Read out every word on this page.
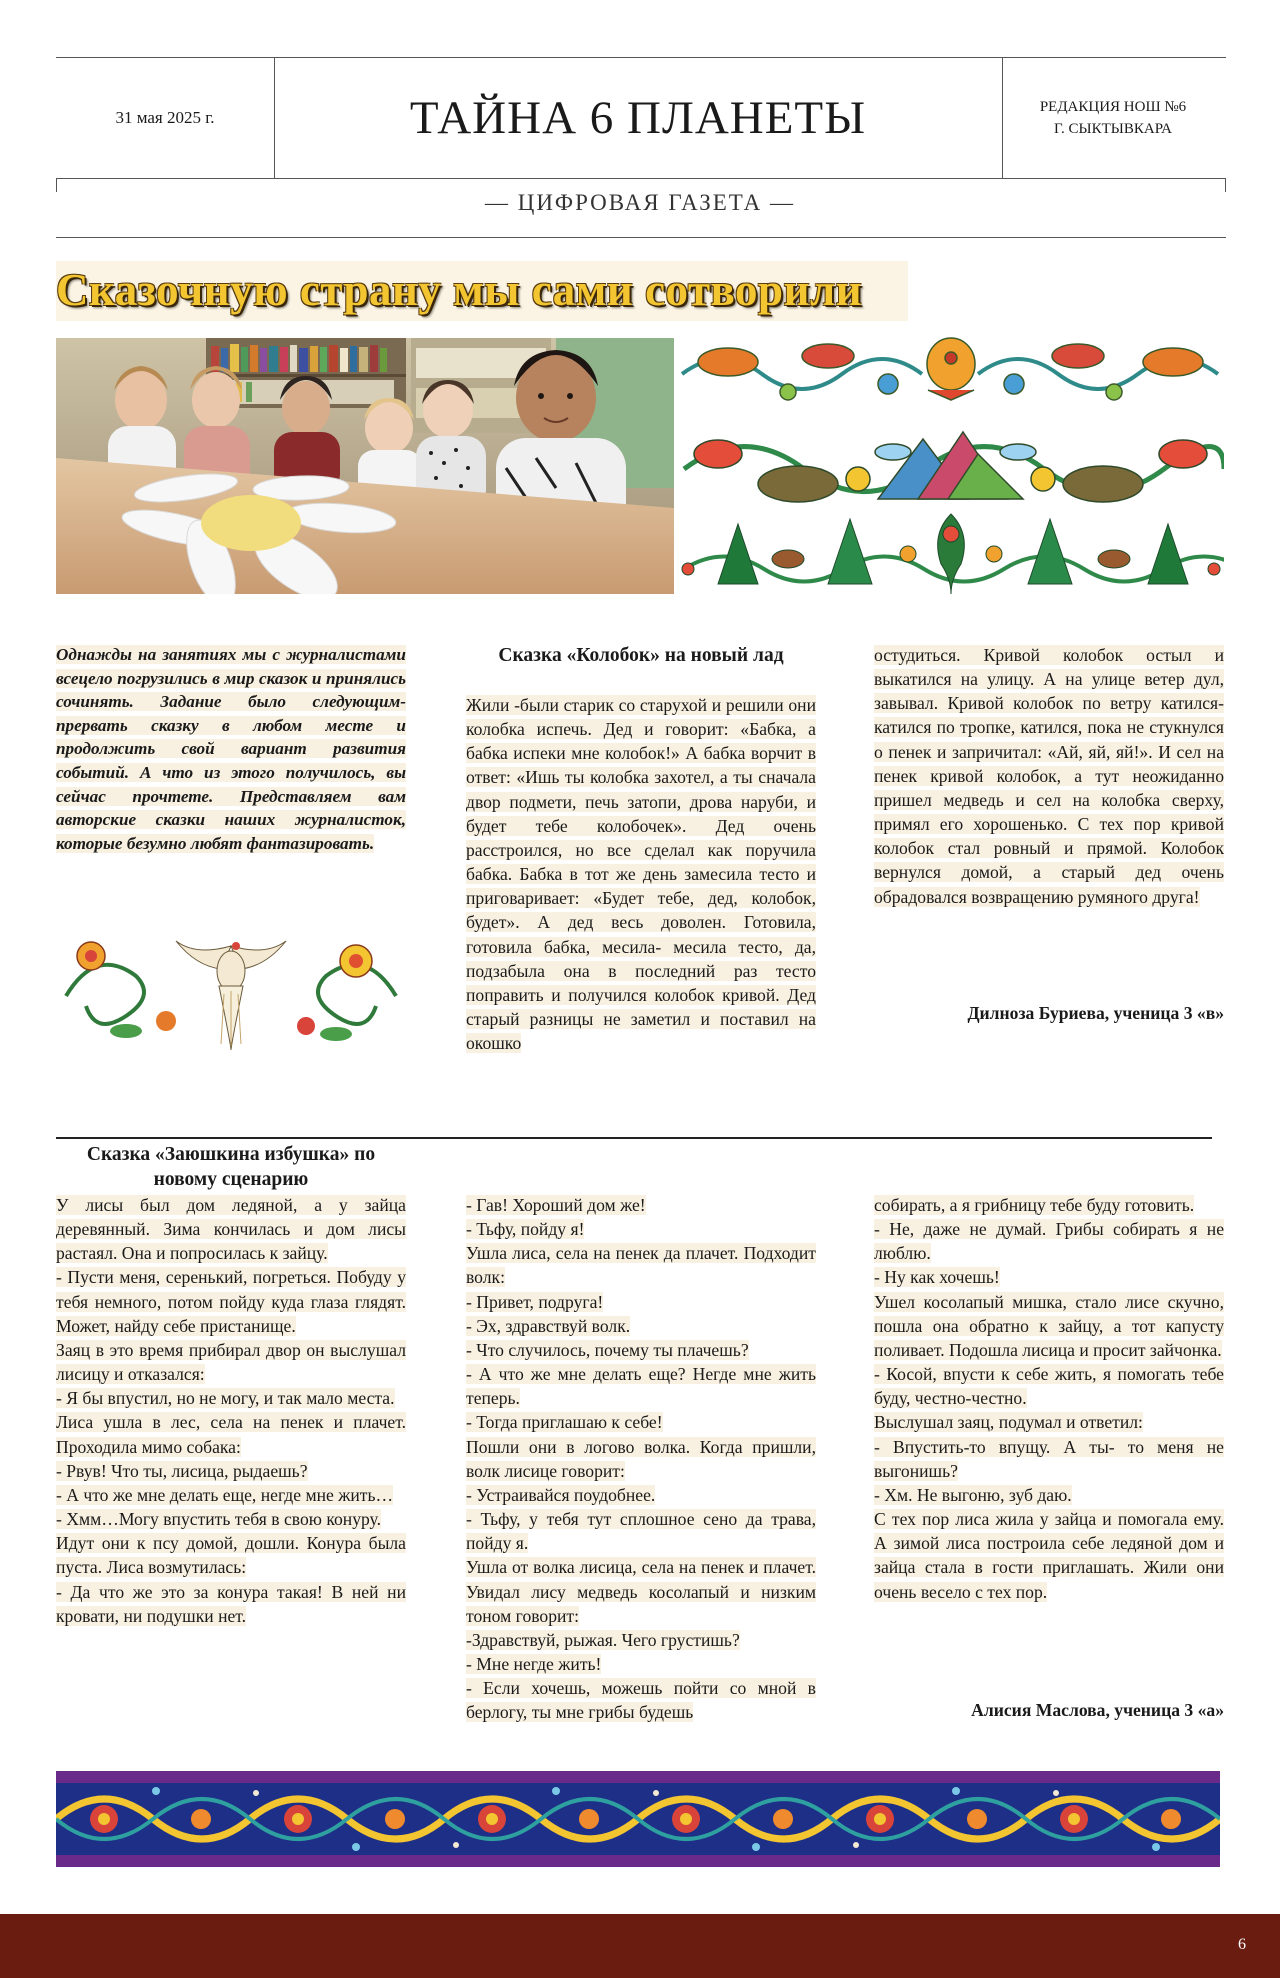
31 мая 2025 г.	ТАЙНА 6 ПЛАНЕТЫ	РЕДАКЦИЯ НОШ №6
Г. СЫКТЫВКАРА
— ЦИФРОВАЯ ГАЗЕТА —
Сказочную страну мы сами сотворили
Однажды на занятиях мы с журналистами всецело погрузились в мир сказок и принялись сочинять. Задание было следующим- прервать сказку в любом месте и продолжить свой вариант развития событий. А что из этого получилось, вы сейчас прочтете. Представляем вам авторские сказки наших журналисток, которые безумно любят фантазировать.
Сказка «Колобок» на новый лад
Жили -были старик со старухой и решили они колобка испечь. Дед и говорит: «Бабка, а бабка испеки мне колобок!» А бабка ворчит в ответ: «Ишь ты колобка захотел, а ты сначала двор подмети, печь затопи, дрова наруби, и будет тебе колобочек». Дед очень расстроился, но все сделал как поручила бабка. Бабка в тот же день замесила тесто и приговаривает: «Будет тебе, дед, колобок, будет». А дед весь доволен. Готовила, готовила бабка, месила- месила тесто, да, подзабыла она в последний раз тесто поправить и получился колобок кривой. Дед старый разницы не заметил и поставил на окошко
остудиться. Кривой колобок остыл и выкатился на улицу. А на улице ветер дул, завывал. Кривой колобок по ветру катился- катился по тропке, катился, пока не стукнулся о пенек и запричитал: «Ай, яй, яй!». И сел на пенек кривой колобок, а тут неожиданно пришел медведь и сел на колобка сверху, примял его хорошенько. С тех пор кривой колобок стал ровный и прямой. Колобок вернулся домой, а старый дед очень обрадовался возвращению румяного друга!
Дилноза Буриева, ученица 3 «в»
Сказка «Заюшкина избушка» по новому сценарию

У лисы был дом ледяной, а у зайца деревянный. Зима кончилась и дом лисы растаял. Она и попросилась к зайцу.

- Пусти меня, серенький, погреться. Побуду у тебя немного, потом пойду куда глаза глядят. Может, найду себе пристанище.

Заяц в это время прибирал двор он выслушал лисицу и отказался:

- Я бы впустил, но не могу, и так мало места.

Лиса ушла в лес, села на пенек и плачет. Проходила мимо собака:

- Рвув! Что ты, лисица, рыдаешь?

- А что же мне делать еще, негде мне жить…

- Хмм…Могу впустить тебя в свою конуру.

Идут они к псу домой, дошли. Конура была пуста. Лиса возмутилась:

- Да что же это за конура такая! В ней ни кровати, ни подушки нет.

- Гав! Хороший дом же!

- Тьфу, пойду я!

Ушла лиса, села на пенек да плачет. Подходит волк:

- Привет, подруга!

- Эх, здравствуй волк.

- Что случилось, почему ты плачешь?

- А что же мне делать еще? Негде мне жить теперь.

- Тогда приглашаю к себе!

Пошли они в логово волка. Когда пришли, волк лисице говорит:

- Устраивайся поудобнее.

- Тьфу, у тебя тут сплошное сено да трава, пойду я.

Ушла от волка лисица, села на пенек и плачет. Увидал лису медведь косолапый и низким тоном говорит:

-Здравствуй, рыжая. Чего грустишь?

- Мне негде жить!

- Если хочешь, можешь пойти со мной в берлогу, ты мне грибы будешь

собирать, а я грибницу тебе буду готовить.

- Не, даже не думай. Грибы собирать я не люблю.

- Ну как хочешь!

Ушел косолапый мишка, стало лисе скучно, пошла она обратно к зайцу, а тот капусту поливает. Подошла лисица и просит зайчонка.

- Косой, впусти к себе жить, я помогать тебе буду, честно-честно.

Выслушал заяц, подумал и ответил:

- Впустить-то впущу. А ты- то меня не выгонишь?

- Хм. Не выгоню, зуб даю.

С тех пор лиса жила у зайца и помогала ему. А зимой лиса построила себе ледяной дом и зайца стала в гости приглашать. Жили они очень весело с тех пор.

Алисия Маслова, ученица 3 «а»
6
